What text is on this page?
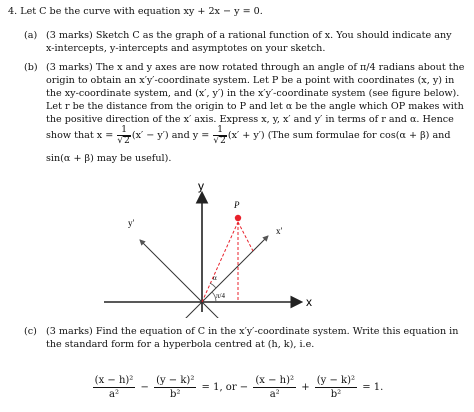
4. Let C be the curve with equation xy + 2x − y = 0.
(a) (3 marks) Sketch C as the graph of a rational function of x. You should indicate any
x-intercepts, y-intercepts and asymptotes on your sketch.
(b) (3 marks) The x and y axes are now rotated through an angle of π/4 radians about the
origin to obtain an x′y′-coordinate system. Let P be a point with coordinates (x, y) in
the xy-coordinate system, and (x′, y′) in the x′y′-coordinate system (see figure below).
Let r be the distance from the origin to P and let α be the angle which OP makes with
the positive direction of the x′ axis. Express x, y, x′ and y′ in terms of r and α. Hence
show that $x = \frac{1}{√2} (x' - y')$ and $y = \frac{1}{√2} (x' + y')$ (The sum formulae for cos(α + β) and
sin(α + β) may be useful).
y
x
y′
x′
P
α
π/4
(c) (3 marks) Find the equation of C in the x′y′-coordinate system. Write this equation in
the standard form for a hyperbola centred at (h, k), i.e.
$\frac{\text{(x − h)²}}{\text{a²}} - \frac{\text{(y − k)²}}{\text{b²}} = 1$, or − $\frac{\text{(x − h)²}}{\text{a²}} + \frac{\text{(y − k)²}}{\text{b²}} = 1$.
